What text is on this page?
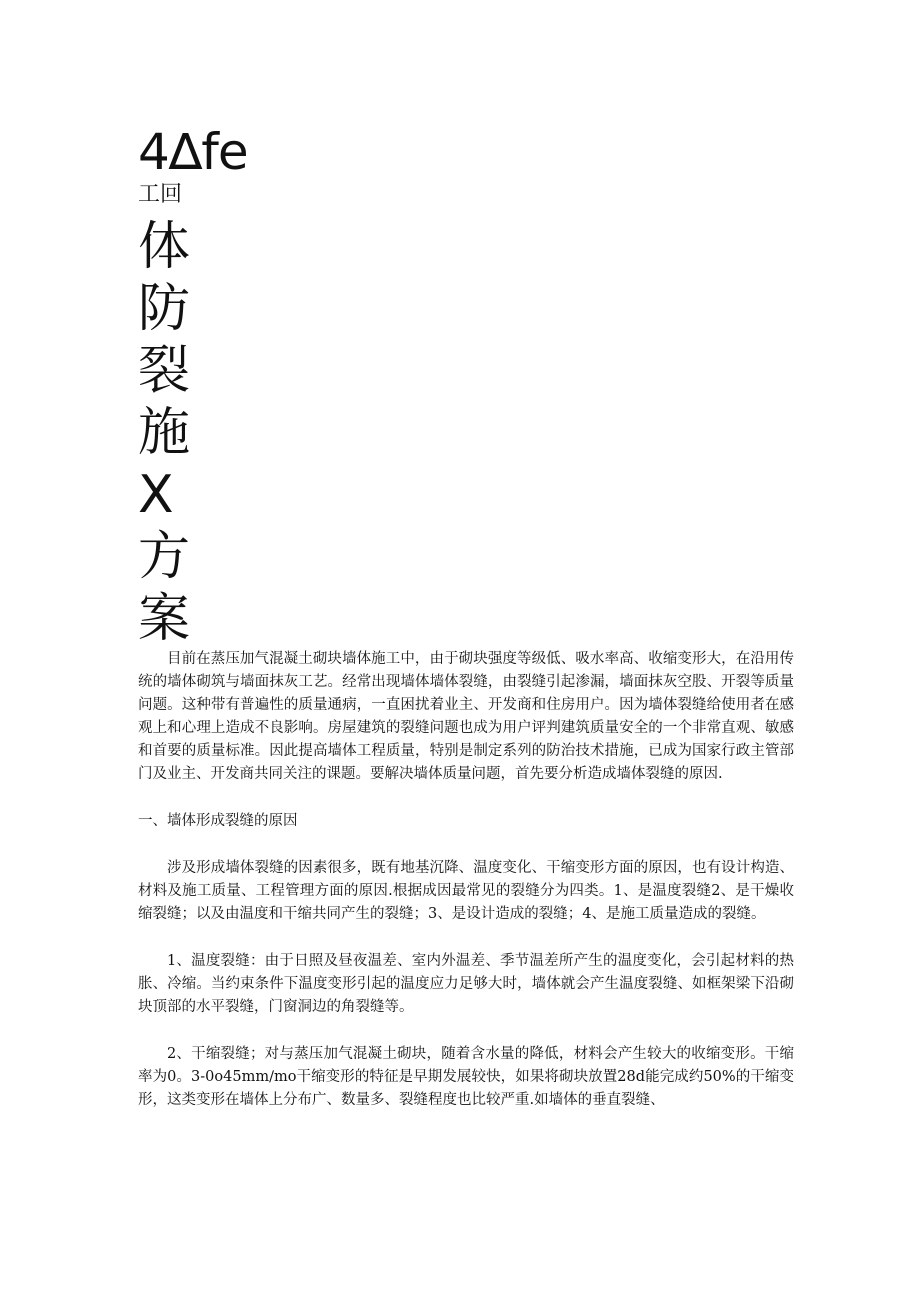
4∆fe
工回
体
防
裂
施
X
方
案

目前在蒸压加气混凝土砌块墙体施工中，由于砌块强度等级低、吸水率高、收缩变形大，在沿用传统的墙体砌筑与墙面抹灰工艺。经常出现墙体墙体裂缝，由裂缝引起渗漏，墙面抹灰空股、开裂等质量问题。这种带有普遍性的质量通病，一直困扰着业主、开发商和住房用户。因为墙体裂缝给使用者在感观上和心理上造成不良影响。房屋建筑的裂缝问题也成为用户评判建筑质量安全的一个非常直观、敏感和首要的质量标准。因此提高墙体工程质量，特别是制定系列的防治技术措施，已成为国家行政主管部门及业主、开发商共同关注的课题。要解决墙体质量问题，首先要分析造成墙体裂缝的原因.

一、墙体形成裂缝的原因

涉及形成墙体裂缝的因素很多，既有地基沉降、温度变化、干缩变形方面的原因，也有设计构造、材料及施工质量、工程管理方面的原因.根据成因最常见的裂缝分为四类。1、是温度裂缝2、是干燥收缩裂缝；以及由温度和干缩共同产生的裂缝；3、是设计造成的裂缝；4、是施工质量造成的裂缝。

1、温度裂缝：由于日照及昼夜温差、室内外温差、季节温差所产生的温度变化，会引起材料的热胀、冷缩。当约束条件下温度变形引起的温度应力足够大时，墙体就会产生温度裂缝、如框架梁下沿砌块顶部的水平裂缝，门窗洞边的角裂缝等。

2、干缩裂缝；对与蒸压加气混凝土砌块，随着含水量的降低，材料会产生较大的收缩变形。干缩率为0。3-0o45mm∕mo干缩变形的特征是早期发展较快，如果将砌块放置28d能完成约50%的干缩变形，这类变形在墙体上分布广、数量多、裂缝程度也比较严重.如墙体的垂直裂缝、
